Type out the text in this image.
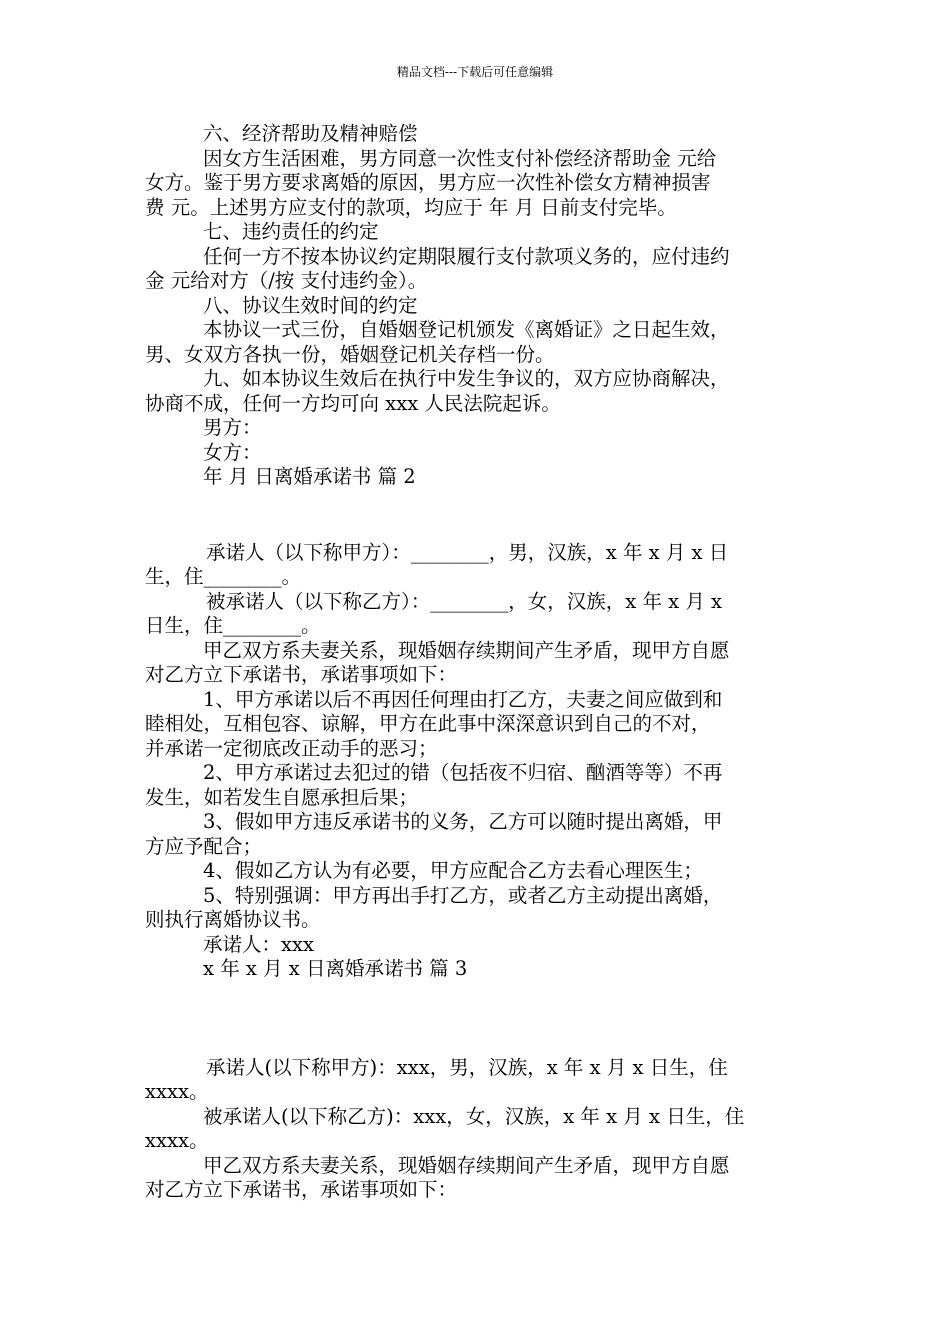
精品文档---下载后可任意编辑

六、经济帮助及精神赔偿

因女方生活困难，男方同意一次性支付补偿经济帮助金 元给

女方。鉴于男方要求离婚的原因，男方应一次性补偿女方精神损害

费 元。上述男方应支付的款项，均应于 年 月 日前支付完毕。

七、违约责任的约定

任何一方不按本协议约定期限履行支付款项义务的，应付违约

金 元给对方（/按 支付违约金）。

八、协议生效时间的约定

本协议一式三份，自婚姻登记机颁发《离婚证》之日起生效，

男、女双方各执一份，婚姻登记机关存档一份。

九、如本协议生效后在执行中发生争议的，双方应协商解决，

协商不成，任何一方均可向 xxx 人民法院起诉。

男方：

女方：

年 月 日离婚承诺书 篇 2

承诺人（以下称甲方）：________，男，汉族，x 年 x 月 x 日

生，住________。

被承诺人（以下称乙方）：________，女，汉族，x 年 x 月 x

日生，住________。

甲乙双方系夫妻关系，现婚姻存续期间产生矛盾，现甲方自愿

对乙方立下承诺书，承诺事项如下：

1、甲方承诺以后不再因任何理由打乙方，夫妻之间应做到和

睦相处，互相包容、谅解，甲方在此事中深深意识到自己的不对，

并承诺一定彻底改正动手的恶习；

2、甲方承诺过去犯过的错（包括夜不归宿、酗酒等等）不再

发生，如若发生自愿承担后果；

3、假如甲方违反承诺书的义务，乙方可以随时提出离婚，甲

方应予配合；

4、假如乙方认为有必要，甲方应配合乙方去看心理医生；

5、特别强调：甲方再出手打乙方，或者乙方主动提出离婚，

则执行离婚协议书。

承诺人：xxx

x 年 x 月 x 日离婚承诺书 篇 3

承诺人(以下称甲方)：xxx，男，汉族，x 年 x 月 x 日生，住

xxxx。

被承诺人(以下称乙方)：xxx，女，汉族，x 年 x 月 x 日生，住

xxxx。

甲乙双方系夫妻关系，现婚姻存续期间产生矛盾，现甲方自愿

对乙方立下承诺书，承诺事项如下：
